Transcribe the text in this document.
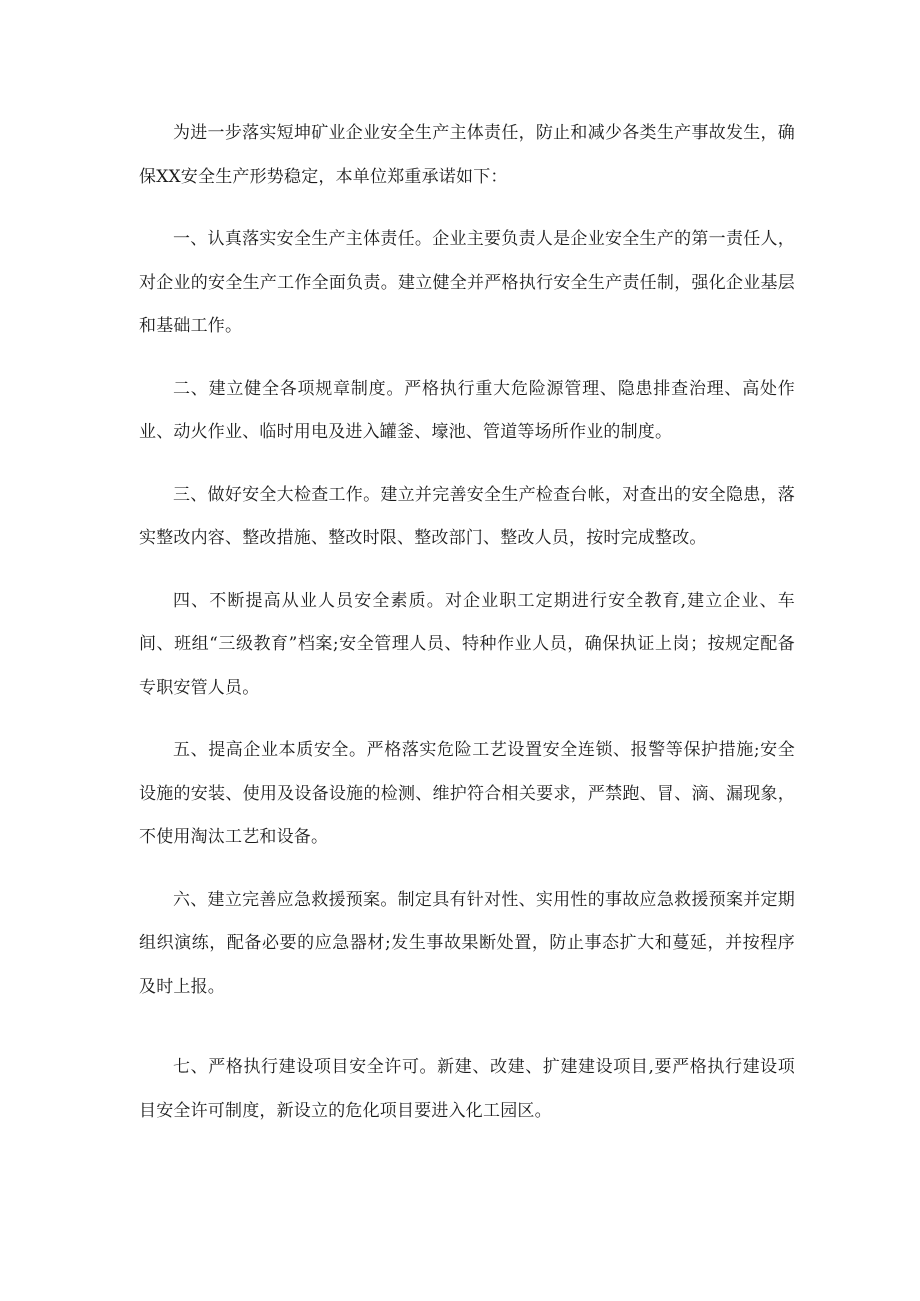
为进一步落实短坤矿业企业安全生产主体责任，防止和减少各类生产事故发生，确保XX安全生产形势稳定，本单位郑重承诺如下：

一、认真落实安全生产主体责任。企业主要负责人是企业安全生产的第一责任人，对企业的安全生产工作全面负责。建立健全并严格执行安全生产责任制，强化企业基层和基础工作。

二、建立健全各项规章制度。严格执行重大危险源管理、隐患排查治理、高处作业、动火作业、临时用电及进入罐釜、壕池、管道等场所作业的制度。

三、做好安全大检查工作。建立并完善安全生产检查台帐，对查出的安全隐患，落实整改内容、整改措施、整改时限、整改部门、整改人员，按时完成整改。

四、不断提高从业人员安全素质。对企业职工定期进行安全教育,建立企业、车间、班组“三级教育”档案;安全管理人员、特种作业人员，确保执证上岗；按规定配备专职安管人员。

五、提高企业本质安全。严格落实危险工艺设置安全连锁、报警等保护措施;安全设施的安装、使用及设备设施的检测、维护符合相关要求，严禁跑、冒、滴、漏现象，不使用淘汰工艺和设备。

六、建立完善应急救援预案。制定具有针对性、实用性的事故应急救援预案并定期组织演练，配备必要的应急器材;发生事故果断处置，防止事态扩大和蔓延，并按程序及时上报。

七、严格执行建设项目安全许可。新建、改建、扩建建设项目,要严格执行建设项目安全许可制度，新设立的危化项目要进入化工园区。
